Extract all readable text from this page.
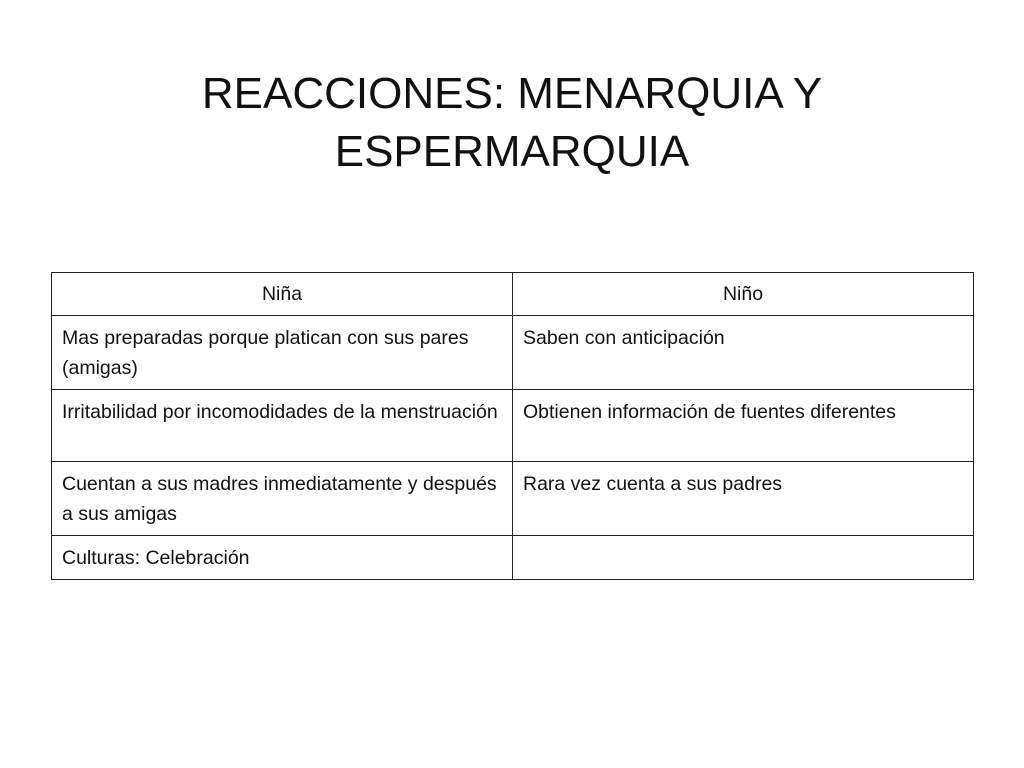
REACCIONES: MENARQUIA Y
ESPERMARQUIA
Niña	Niño
Mas preparadas porque platican con sus pares (amigas)	Saben con anticipación
Irritabilidad por incomodidades de la menstruación	Obtienen información de fuentes diferentes
Cuentan a sus madres inmediatamente y después a sus amigas	Rara vez cuenta a sus padres
Culturas: Celebración	
